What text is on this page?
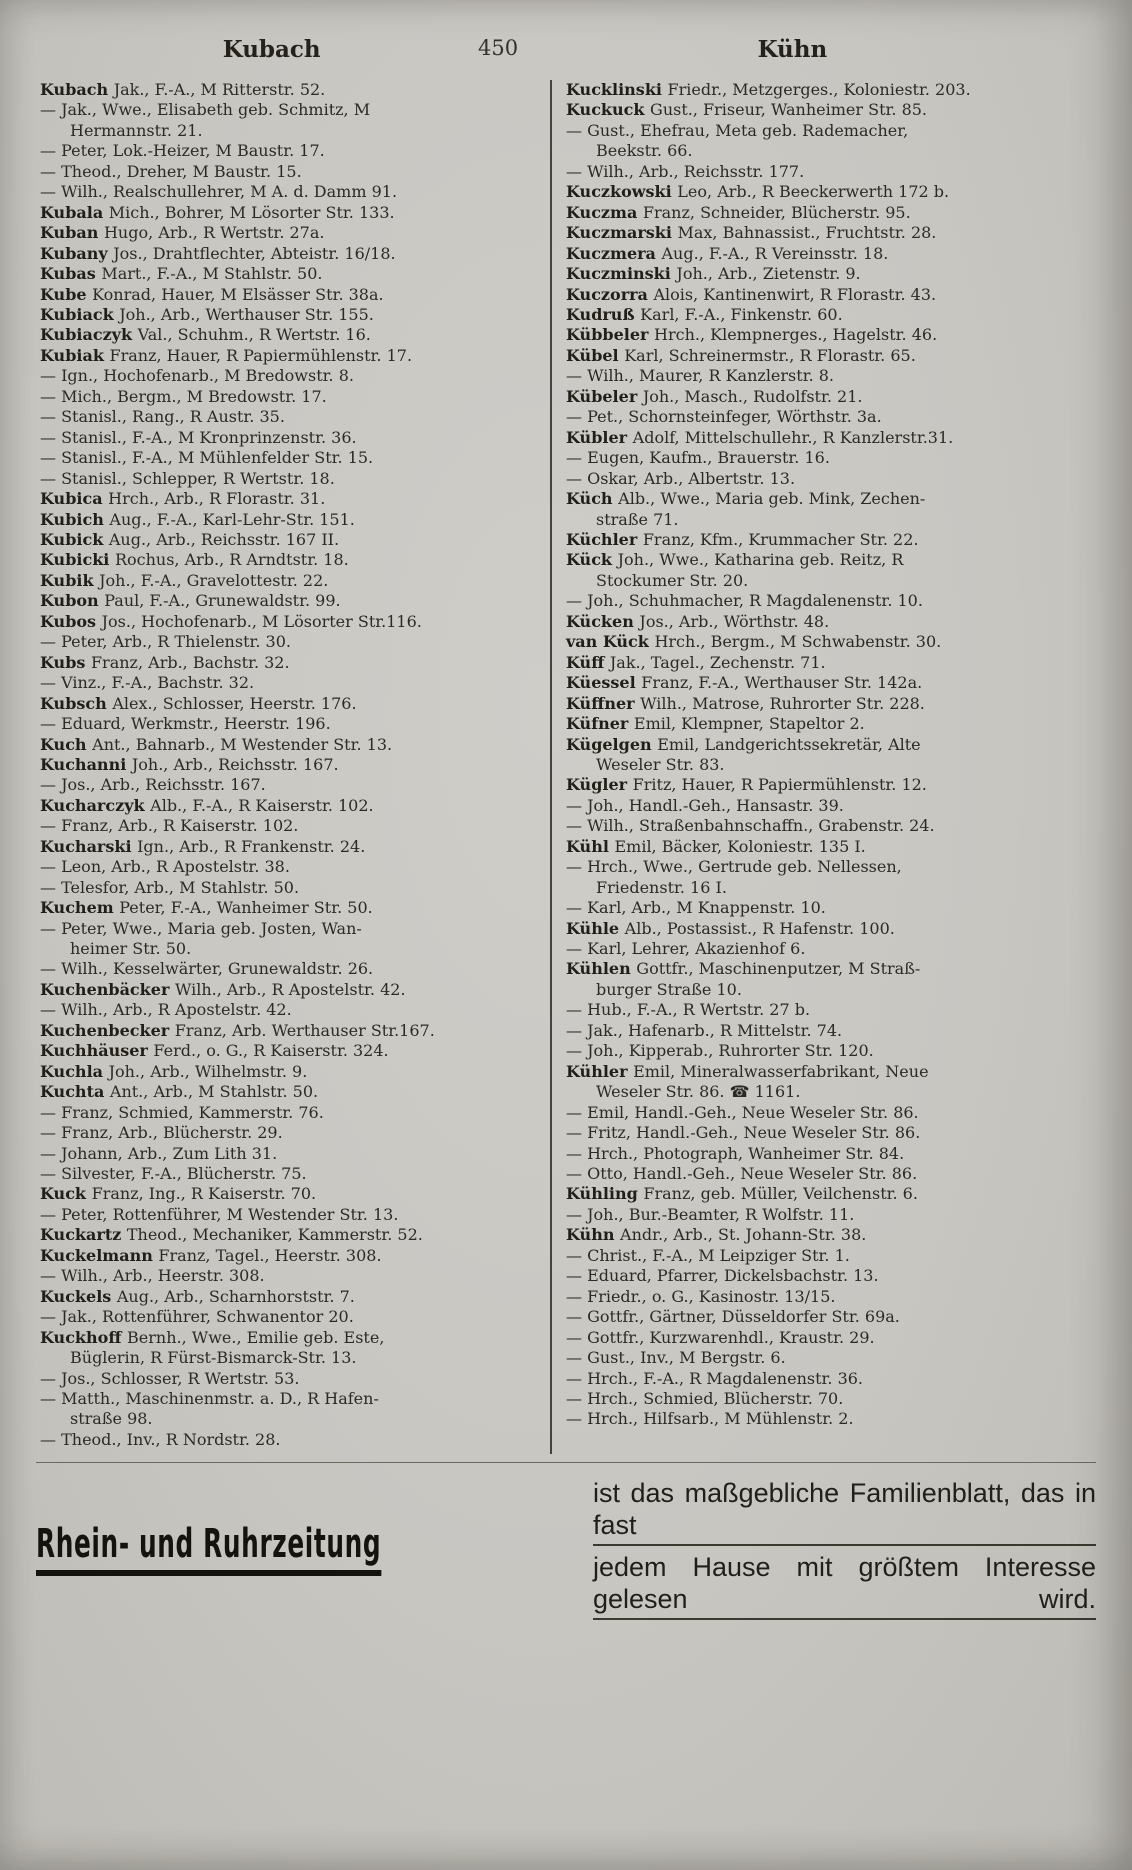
Kubach	450	Kühn
Kubach Jak., F.-A., M Ritterstr. 52.
— Jak., Wwe., Elisabeth geb. Schmitz, M
Hermannstr. 21.
— Peter, Lok.-Heizer, M Baustr. 17.
— Theod., Dreher, M Baustr. 15.
— Wilh., Realschullehrer, M A. d. Damm 91.
Kubala Mich., Bohrer, M Lösorter Str. 133.
Kuban Hugo, Arb., R Wertstr. 27a.
Kubany Jos., Drahtflechter, Abteistr. 16/18.
Kubas Mart., F.-A., M Stahlstr. 50.
Kube Konrad, Hauer, M Elsässer Str. 38a.
Kubiack Joh., Arb., Werthauser Str. 155.
Kubiaczyk Val., Schuhm., R Wertstr. 16.
Kubiak Franz, Hauer, R Papiermühlenstr. 17.
— Ign., Hochofenarb., M Bredowstr. 8.
— Mich., Bergm., M Bredowstr. 17.
— Stanisl., Rang., R Austr. 35.
— Stanisl., F.-A., M Kronprinzenstr. 36.
— Stanisl., F.-A., M Mühlenfelder Str. 15.
— Stanisl., Schlepper, R Wertstr. 18.
Kubica Hrch., Arb., R Florastr. 31.
Kubich Aug., F.-A., Karl-Lehr-Str. 151.
Kubick Aug., Arb., Reichsstr. 167 II.
Kubicki Rochus, Arb., R Arndtstr. 18.
Kubik Joh., F.-A., Gravelottestr. 22.
Kubon Paul, F.-A., Grunewaldstr. 99.
Kubos Jos., Hochofenarb., M Lösorter Str.116.
— Peter, Arb., R Thielenstr. 30.
Kubs Franz, Arb., Bachstr. 32.
— Vinz., F.-A., Bachstr. 32.
Kubsch Alex., Schlosser, Heerstr. 176.
— Eduard, Werkmstr., Heerstr. 196.
Kuch Ant., Bahnarb., M Westender Str. 13.
Kuchanni Joh., Arb., Reichsstr. 167.
— Jos., Arb., Reichsstr. 167.
Kucharczyk Alb., F.-A., R Kaiserstr. 102.
— Franz, Arb., R Kaiserstr. 102.
Kucharski Ign., Arb., R Frankenstr. 24.
— Leon, Arb., R Apostelstr. 38.
— Telesfor, Arb., M Stahlstr. 50.
Kuchem Peter, F.-A., Wanheimer Str. 50.
— Peter, Wwe., Maria geb. Josten, Wan-
heimer Str. 50.
— Wilh., Kesselwärter, Grunewaldstr. 26.
Kuchenbäcker Wilh., Arb., R Apostelstr. 42.
— Wilh., Arb., R Apostelstr. 42.
Kuchenbecker Franz, Arb. Werthauser Str.167.
Kuchhäuser Ferd., o. G., R Kaiserstr. 324.
Kuchla Joh., Arb., Wilhelmstr. 9.
Kuchta Ant., Arb., M Stahlstr. 50.
— Franz, Schmied, Kammerstr. 76.
— Franz, Arb., Blücherstr. 29.
— Johann, Arb., Zum Lith 31.
— Silvester, F.-A., Blücherstr. 75.
Kuck Franz, Ing., R Kaiserstr. 70.
— Peter, Rottenführer, M Westender Str. 13.
Kuckartz Theod., Mechaniker, Kammerstr. 52.
Kuckelmann Franz, Tagel., Heerstr. 308.
— Wilh., Arb., Heerstr. 308.
Kuckels Aug., Arb., Scharnhorststr. 7.
— Jak., Rottenführer, Schwanentor 20.
Kuckhoff Bernh., Wwe., Emilie geb. Este,
Büglerin, R Fürst-Bismarck-Str. 13.
— Jos., Schlosser, R Wertstr. 53.
— Matth., Maschinenmstr. a. D., R Hafen-
straße 98.
— Theod., Inv., R Nordstr. 28.
Kucklinski Friedr., Metzgerges., Koloniestr. 203.
Kuckuck Gust., Friseur, Wanheimer Str. 85.
— Gust., Ehefrau, Meta geb. Rademacher,
Beekstr. 66.
— Wilh., Arb., Reichsstr. 177.
Kuczkowski Leo, Arb., R Beeckerwerth 172 b.
Kuczma Franz, Schneider, Blücherstr. 95.
Kuczmarski Max, Bahnassist., Fruchtstr. 28.
Kuczmera Aug., F.-A., R Vereinsstr. 18.
Kuczminski Joh., Arb., Zietenstr. 9.
Kuczorra Alois, Kantinenwirt, R Florastr. 43.
Kudruß Karl, F.-A., Finkenstr. 60.
Kübbeler Hrch., Klempnerges., Hagelstr. 46.
Kübel Karl, Schreinermstr., R Florastr. 65.
— Wilh., Maurer, R Kanzlerstr. 8.
Kübeler Joh., Masch., Rudolfstr. 21.
— Pet., Schornsteinfeger, Wörthstr. 3a.
Kübler Adolf, Mittelschullehr., R Kanzlerstr.31.
— Eugen, Kaufm., Brauerstr. 16.
— Oskar, Arb., Albertstr. 13.
Küch Alb., Wwe., Maria geb. Mink, Zechen-
straße 71.
Küchler Franz, Kfm., Krummacher Str. 22.
Kück Joh., Wwe., Katharina geb. Reitz, R
Stockumer Str. 20.
— Joh., Schuhmacher, R Magdalenenstr. 10.
Kücken Jos., Arb., Wörthstr. 48.
van Kück Hrch., Bergm., M Schwabenstr. 30.
Küff Jak., Tagel., Zechenstr. 71.
Küessel Franz, F.-A., Werthauser Str. 142a.
Küffner Wilh., Matrose, Ruhrorter Str. 228.
Küfner Emil, Klempner, Stapeltor 2.
Kügelgen Emil, Landgerichtssekretär, Alte
Weseler Str. 83.
Kügler Fritz, Hauer, R Papiermühlenstr. 12.
— Joh., Handl.-Geh., Hansastr. 39.
— Wilh., Straßenbahnschaffn., Grabenstr. 24.
Kühl Emil, Bäcker, Koloniestr. 135 I.
— Hrch., Wwe., Gertrude geb. Nellessen,
Friedenstr. 16 I.
— Karl, Arb., M Knappenstr. 10.
Kühle Alb., Postassist., R Hafenstr. 100.
— Karl, Lehrer, Akazienhof 6.
Kühlen Gottfr., Maschinenputzer, M Straß-
burger Straße 10.
— Hub., F.-A., R Wertstr. 27 b.
— Jak., Hafenarb., R Mittelstr. 74.
— Joh., Kipperab., Ruhrorter Str. 120.
Kühler Emil, Mineralwasserfabrikant, Neue
Weseler Str. 86. ☎ 1161.
— Emil, Handl.-Geh., Neue Weseler Str. 86.
— Fritz, Handl.-Geh., Neue Weseler Str. 86.
— Hrch., Photograph, Wanheimer Str. 84.
— Otto, Handl.-Geh., Neue Weseler Str. 86.
Kühling Franz, geb. Müller, Veilchenstr. 6.
— Joh., Bur.-Beamter, R Wolfstr. 11.
Kühn Andr., Arb., St. Johann-Str. 38.
— Christ., F.-A., M Leipziger Str. 1.
— Eduard, Pfarrer, Dickelsbachstr. 13.
— Friedr., o. G., Kasinostr. 13/15.
— Gottfr., Gärtner, Düsseldorfer Str. 69a.
— Gottfr., Kurzwarenhdl., Kraustr. 29.
— Gust., Inv., M Bergstr. 6.
— Hrch., F.-A., R Magdalenenstr. 36.
— Hrch., Schmied, Blücherstr. 70.
— Hrch., Hilfsarb., M Mühlenstr. 2.
Rhein- und Ruhrzeitung
ist das maßgebliche Familienblatt, das in fast
jedem Hause mit größtem Interesse gelesen wird.
